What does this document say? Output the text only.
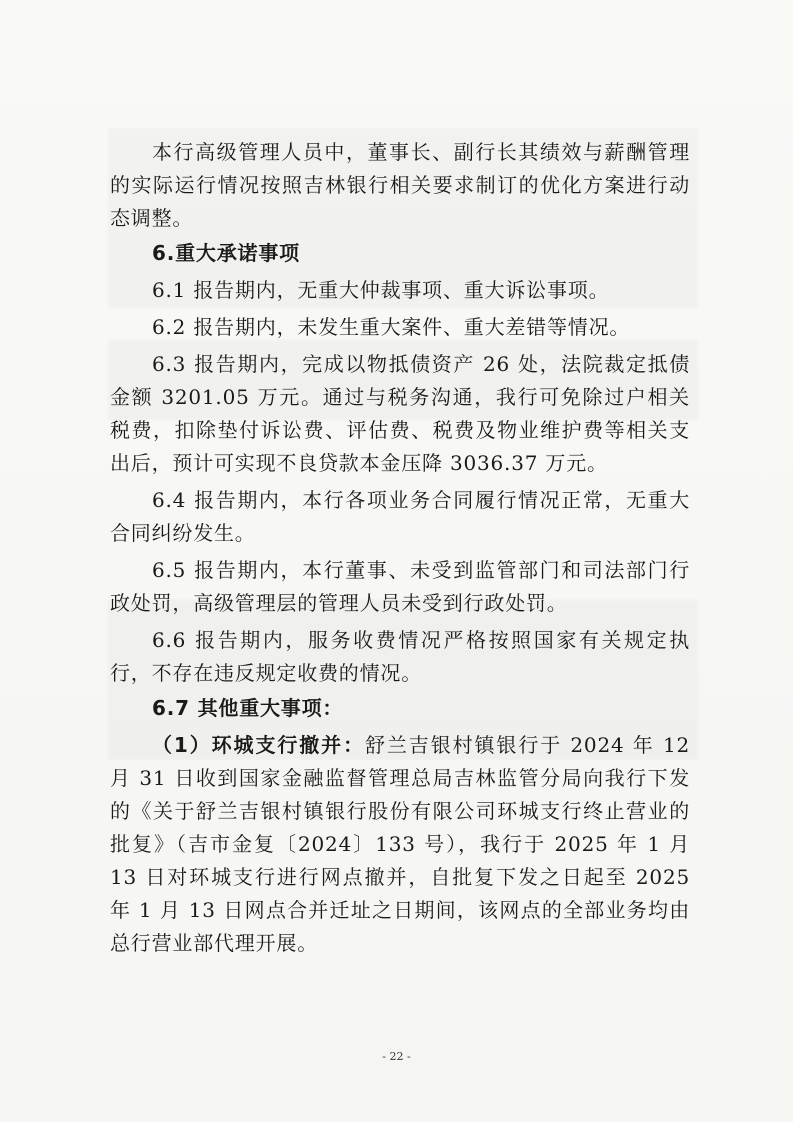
本行高级管理人员中，董事长、副行长其绩效与薪酬管理的实际运行情况按照吉林银行相关要求制订的优化方案进行动态调整。

6.重大承诺事项

6.1 报告期内，无重大仲裁事项、重大诉讼事项。

6.2 报告期内，未发生重大案件、重大差错等情况。

6.3 报告期内，完成以物抵债资产 26 处，法院裁定抵债金额 3201.05 万元。通过与税务沟通，我行可免除过户相关税费，扣除垫付诉讼费、评估费、税费及物业维护费等相关支出后，预计可实现不良贷款本金压降 3036.37 万元。

6.4 报告期内，本行各项业务合同履行情况正常，无重大合同纠纷发生。

6.5 报告期内，本行董事、未受到监管部门和司法部门行政处罚，高级管理层的管理人员未受到行政处罚。

6.6 报告期内，服务收费情况严格按照国家有关规定执行，不存在违反规定收费的情况。

6.7 其他重大事项：

（1）环城支行撤并：舒兰吉银村镇银行于 2024 年 12 月 31 日收到国家金融监督管理总局吉林监管分局向我行下发的《关于舒兰吉银村镇银行股份有限公司环城支行终止营业的批复》（吉市金复〔2024〕133 号），我行于 2025 年 1 月 13 日对环城支行进行网点撤并，自批复下发之日起至 2025 年 1 月 13 日网点合并迁址之日期间，该网点的全部业务均由总行营业部代理开展。

- 22 -
